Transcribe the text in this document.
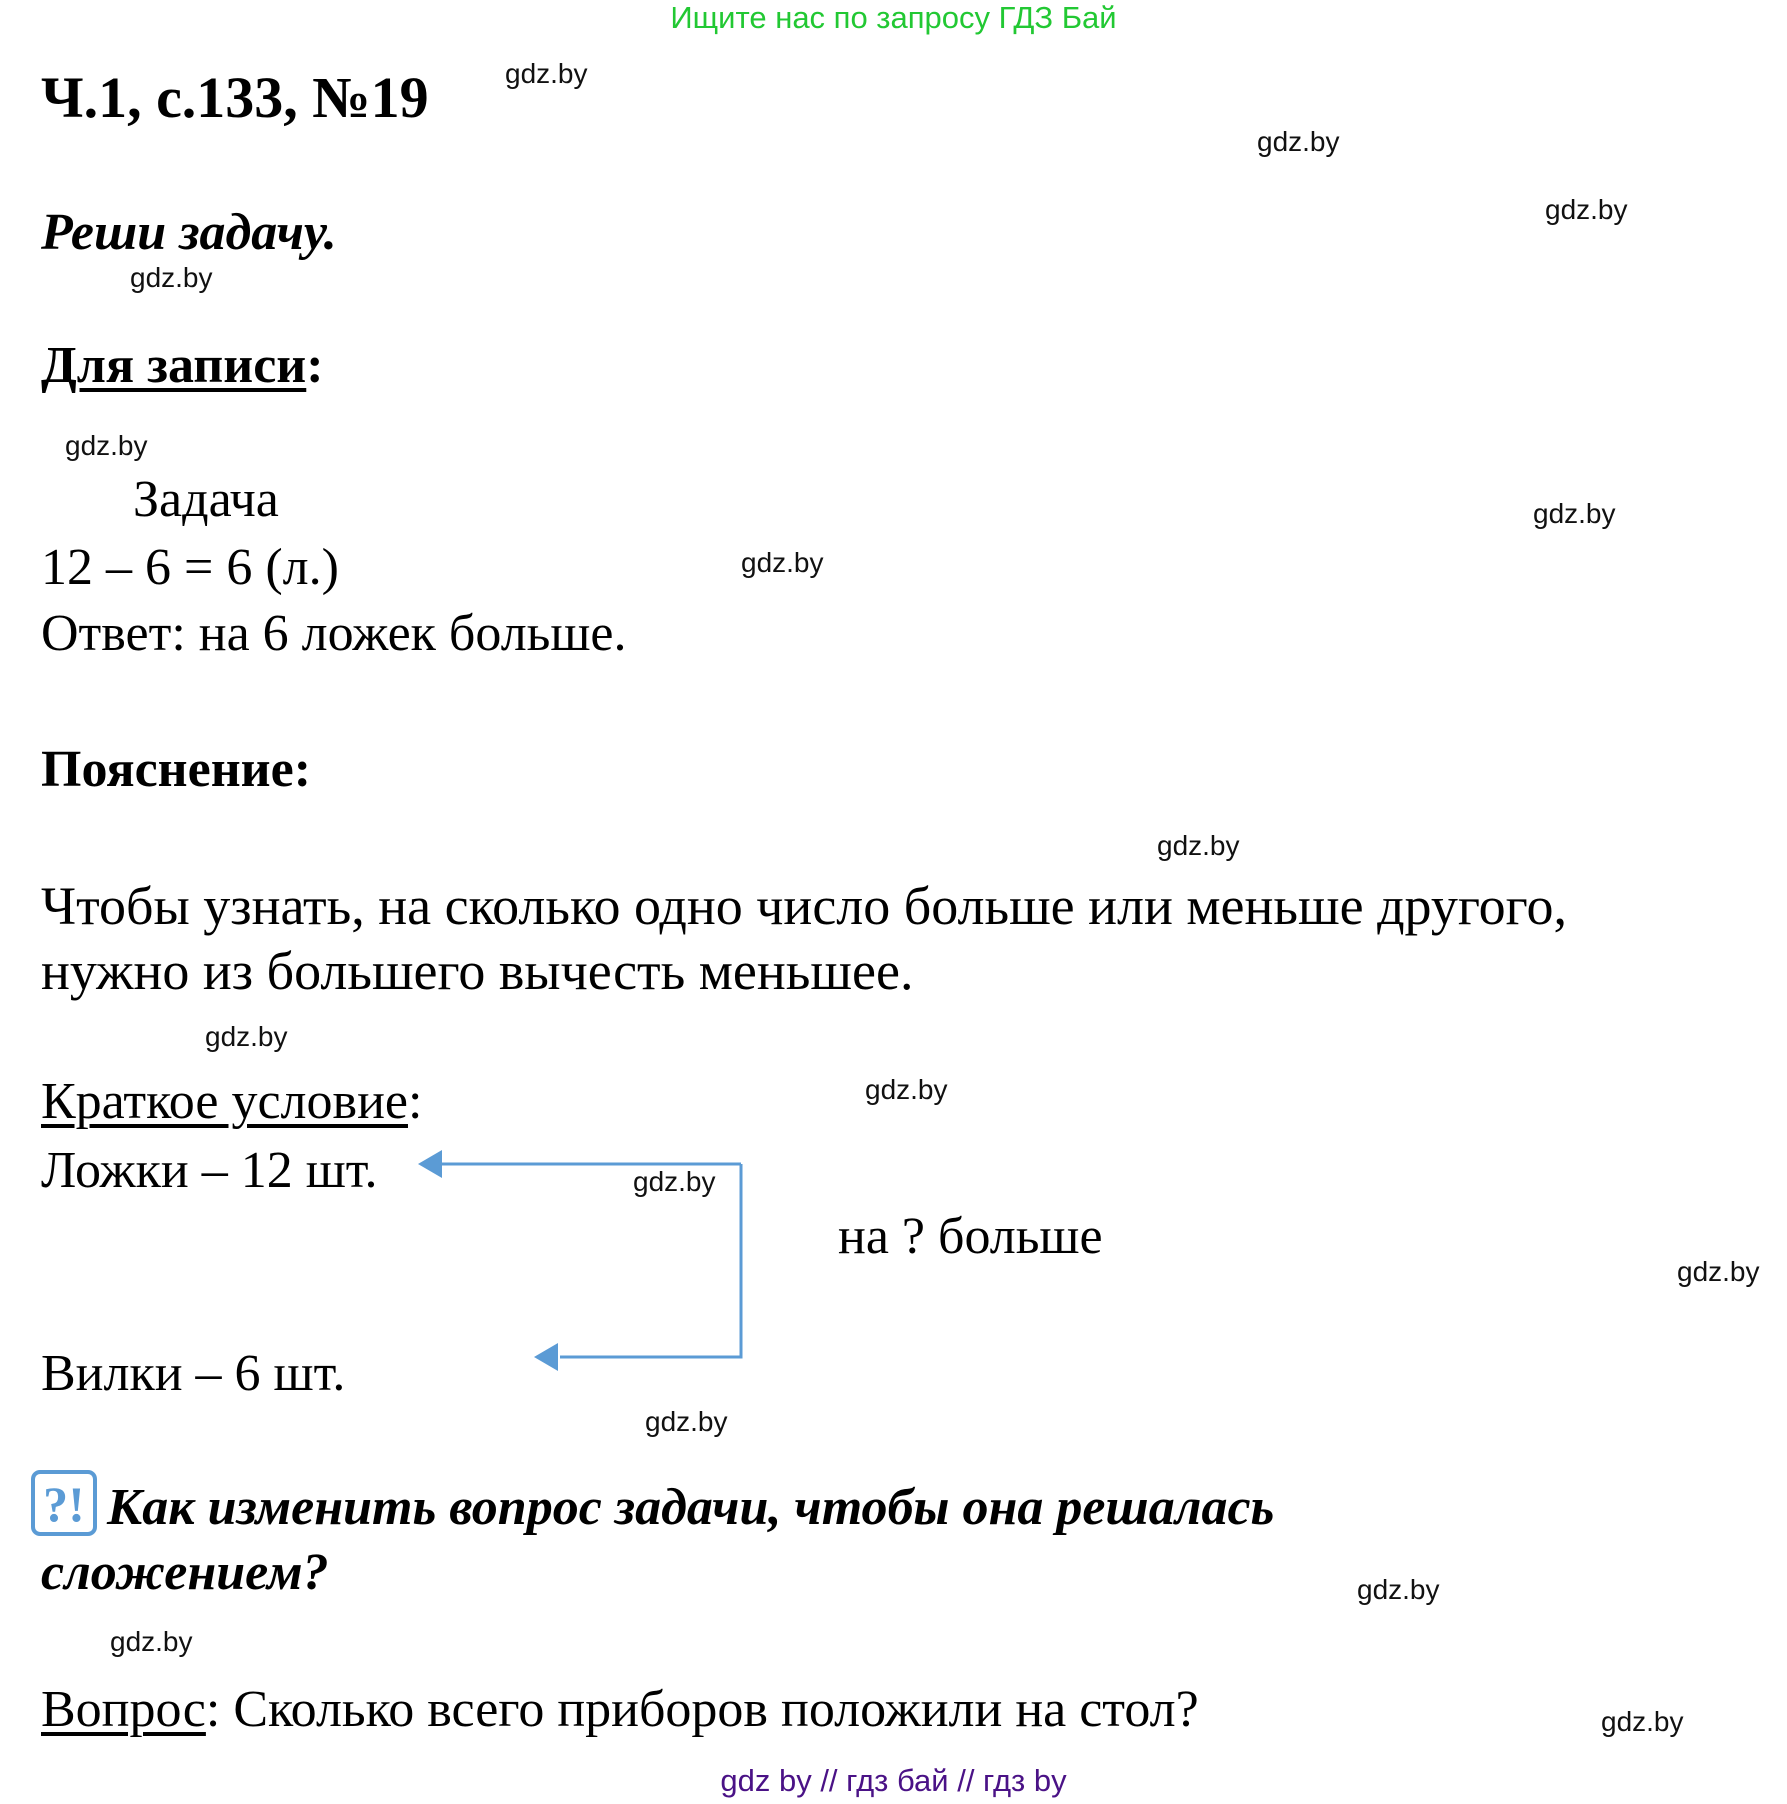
Ищите нас по запросу ГДЗ Бай
Ч.1, с.133, №19
Реши задачу.
Для записи:
Задача
12 – 6 = 6 (л.)
Ответ: на 6 ложек больше.
Пояснение:
Чтобы узнать, на сколько одно число больше или меньше другого,
нужно из большего вычесть меньшее.
Краткое условие:
Ложки – 12 шт.
на ? больше
Вилки – 6 шт.
?! Как изменить вопрос задачи, чтобы она решалась
сложением?
Вопрос: Сколько всего приборов положили на стол?
gdz.by
gdz.by
gdz.by
gdz.by
gdz.by
gdz.by
gdz.by
gdz.by
gdz.by
gdz.by
gdz.by
gdz.by
gdz.by
gdz.by
gdz.by
gdz.by
gdz by // гдз бай // гдз by
